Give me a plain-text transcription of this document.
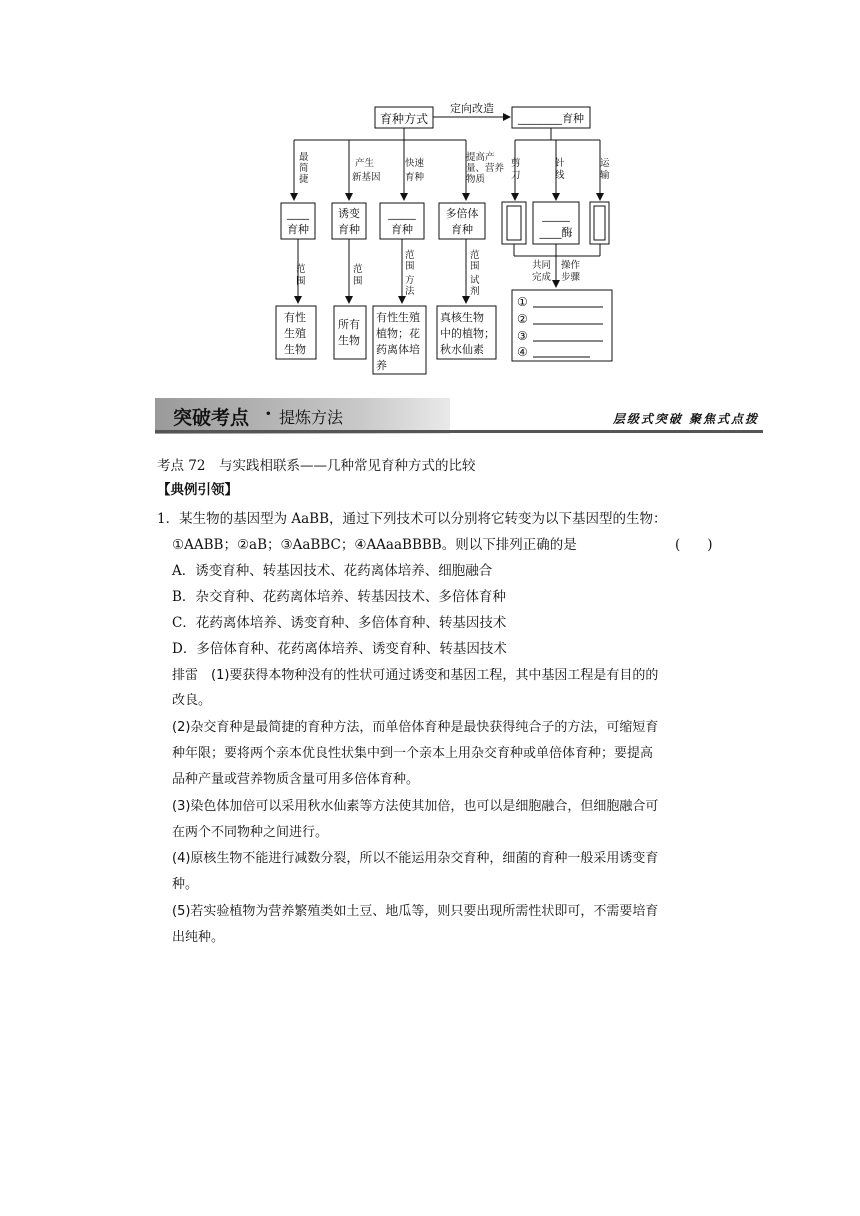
育种方式
定向改造
________育种
最
简
捷
产生
新基因
快速
育种
提高产
量、营养
物质
剪
刀
针
线
运
输
____
育种
诱变
育种
_____
育种
多倍体
育种
_____
____酶
范
围
范
围
范
围
方
法
范
围
试
剂
有性
生殖
生物
所有
生物
有性生殖
植物；花
药离体培
养
真核生物
中的植物；
秋水仙素
共同
完成
操作
步骤
①
②
③
④
突破考点 · 提炼方法	层级式突破 聚焦式点拨
考点 72　与实践相联系——几种常见育种方式的比较
【典例引领】
1．某生物的基因型为 AaBB，通过下列技术可以分别将它转变为以下基因型的生物：
①AABB；②aB；③AaBBC；④AAaaBBBB。则以下排列正确的是	(　　)
A．诱变育种、转基因技术、花药离体培养、细胞融合
B．杂交育种、花药离体培养、转基因技术、多倍体育种
C．花药离体培养、诱变育种、多倍体育种、转基因技术
D．多倍体育种、花药离体培养、诱变育种、转基因技术
排雷　(1)要获得本物种没有的性状可通过诱变和基因工程，其中基因工程是有目的的
改良。
(2)杂交育种是最简捷的育种方法，而单倍体育种是最快获得纯合子的方法，可缩短育
种年限；要将两个亲本优良性状集中到一个亲本上用杂交育种或单倍体育种；要提高
品种产量或营养物质含量可用多倍体育种。
(3)染色体加倍可以采用秋水仙素等方法使其加倍，也可以是细胞融合，但细胞融合可
在两个不同物种之间进行。
(4)原核生物不能进行减数分裂，所以不能运用杂交育种，细菌的育种一般采用诱变育
种。
(5)若实验植物为营养繁殖类如土豆、地瓜等，则只要出现所需性状即可，不需要培育
出纯种。
